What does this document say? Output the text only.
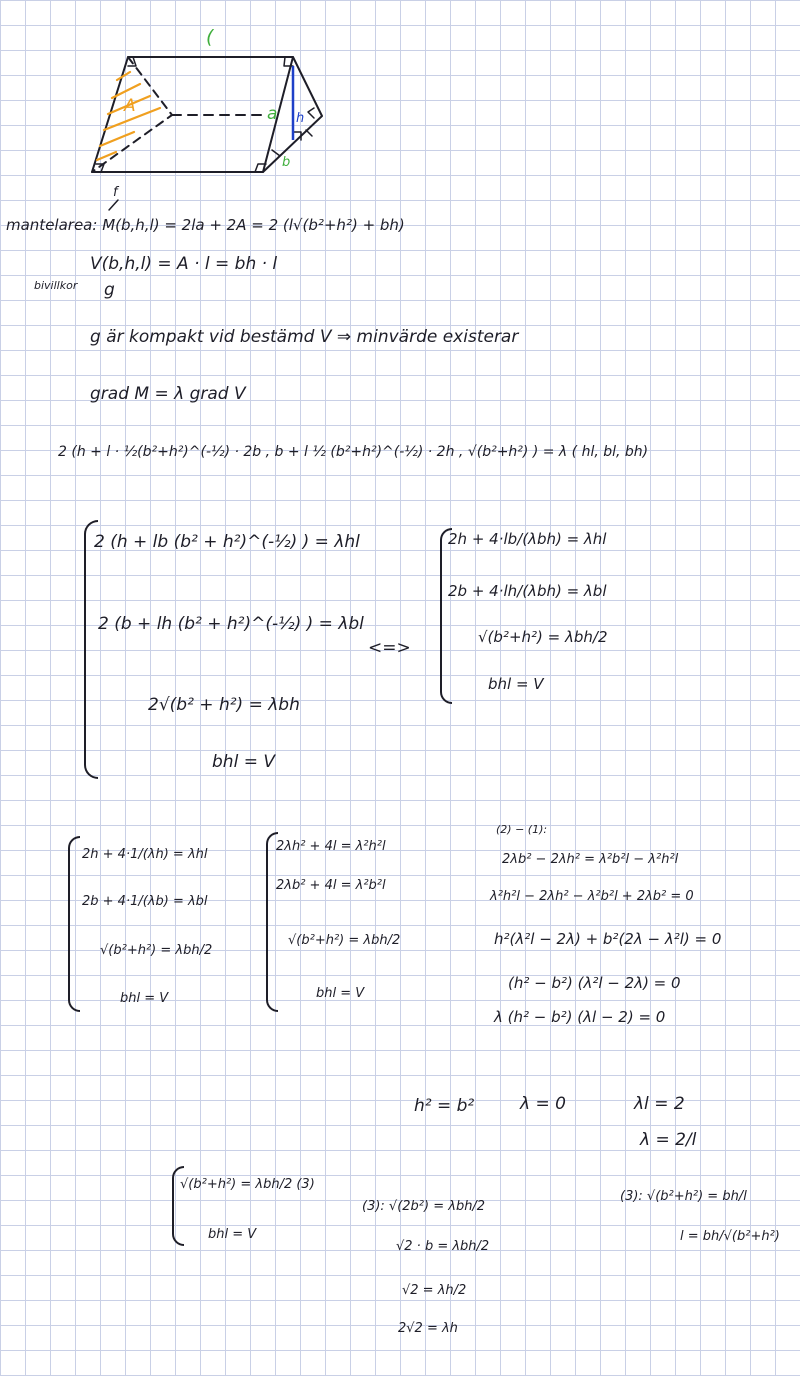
(
A	a h
b
f
mantelarea: M(b,h,l) = 2la + 2A = 2 (l√(b²+h²) + bh)
V(b,h,l) = A · l = bh · l
bivillkor g
g är kompakt vid bestämd V ⇒ minvärde existerar
grad M = λ grad V
2 (h + l · ½(b²+h²)^(-½) · 2b , b + l ½ (b²+h²)^(-½) · 2h , √(b²+h²) ) = λ ( hl, bl, bh)
2 (h + lb (b² + h²)^(-½) ) = λhl
2 (b + lh (b² + h²)^(-½) ) = λbl
2√(b² + h²) = λbh
bhl = V
<=>
2h + 4·lb/(λbh) = λhl
2b + 4·lh/(λbh) = λbl
√(b²+h²) = λbh/2
bhl = V
2h + 4·1/(λh) = λhl
2b + 4·1/(λb) = λbl
√(b²+h²) = λbh/2
bhl = V
2λh² + 4l = λ²h²l
2λb² + 4l = λ²b²l
√(b²+h²) = λbh/2
bhl = V
(2) − (1):
2λb² − 2λh² = λ²b²l − λ²h²l
λ²h²l − 2λh² − λ²b²l + 2λb² = 0
h²(λ²l − 2λ) + b²(2λ − λ²l) = 0
(h² − b²) (λ²l − 2λ) = 0
λ (h² − b²) (λl − 2) = 0
h² = b²	λ = 0	λl = 2
λ = 2/l
√(b²+h²) = λbh/2 (3)
bhl = V
(3): √(2b²) = λbh/2
√2 · b = λbh/2
√2 = λh/2
2√2 = λh
(3): √(b²+h²) = bh/l
l = bh/√(b²+h²)
